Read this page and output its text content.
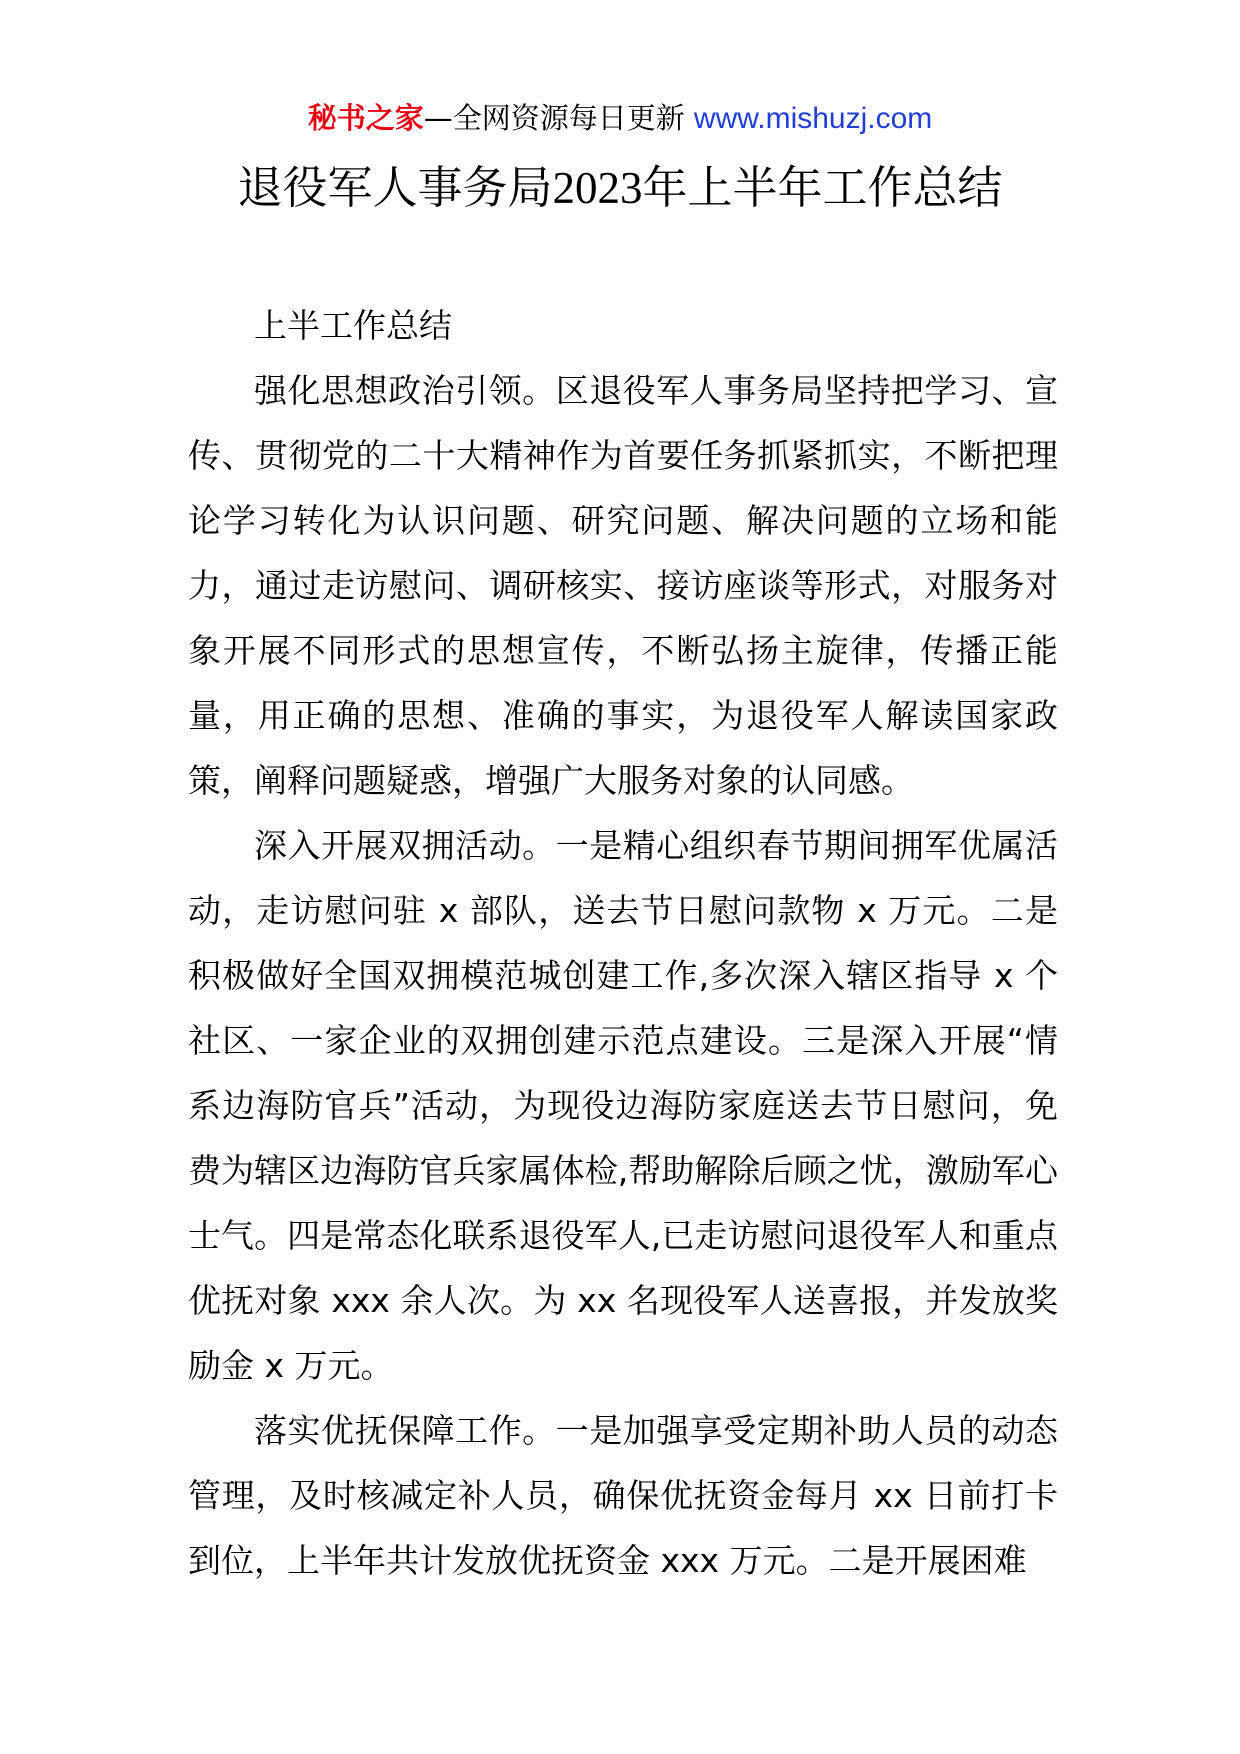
秘书之家—全网资源每日更新 www.mishuzj.com
退役军人事务局2023年上半年工作总结

上半工作总结

强化思想政治引领。区退役军人事务局坚持把学习、宣传、贯彻党的二十大精神作为首要任务抓紧抓实，不断把理论学习转化为认识问题、研究问题、解决问题的立场和能力，通过走访慰问、调研核实、接访座谈等形式，对服务对象开展不同形式的思想宣传，不断弘扬主旋律，传播正能量，用正确的思想、准确的事实，为退役军人解读国家政策，阐释问题疑惑，增强广大服务对象的认同感。

深入开展双拥活动。一是精心组织春节期间拥军优属活动，走访慰问驻 x 部队，送去节日慰问款物 x 万元。二是积极做好全国双拥模范城创建工作,多次深入辖区指导 x 个社区、一家企业的双拥创建示范点建设。三是深入开展“情系边海防官兵”活动，为现役边海防家庭送去节日慰问，免费为辖区边海防官兵家属体检,帮助解除后顾之忧，激励军心士气。四是常态化联系退役军人,已走访慰问退役军人和重点优抚对象 xxx 余人次。为 xx 名现役军人送喜报，并发放奖励金 x 万元。

落实优抚保障工作。一是加强享受定期补助人员的动态管理，及时核减定补人员，确保优抚资金每月 xx 日前打卡到位，上半年共计发放优抚资金 xxx 万元。二是开展困难
